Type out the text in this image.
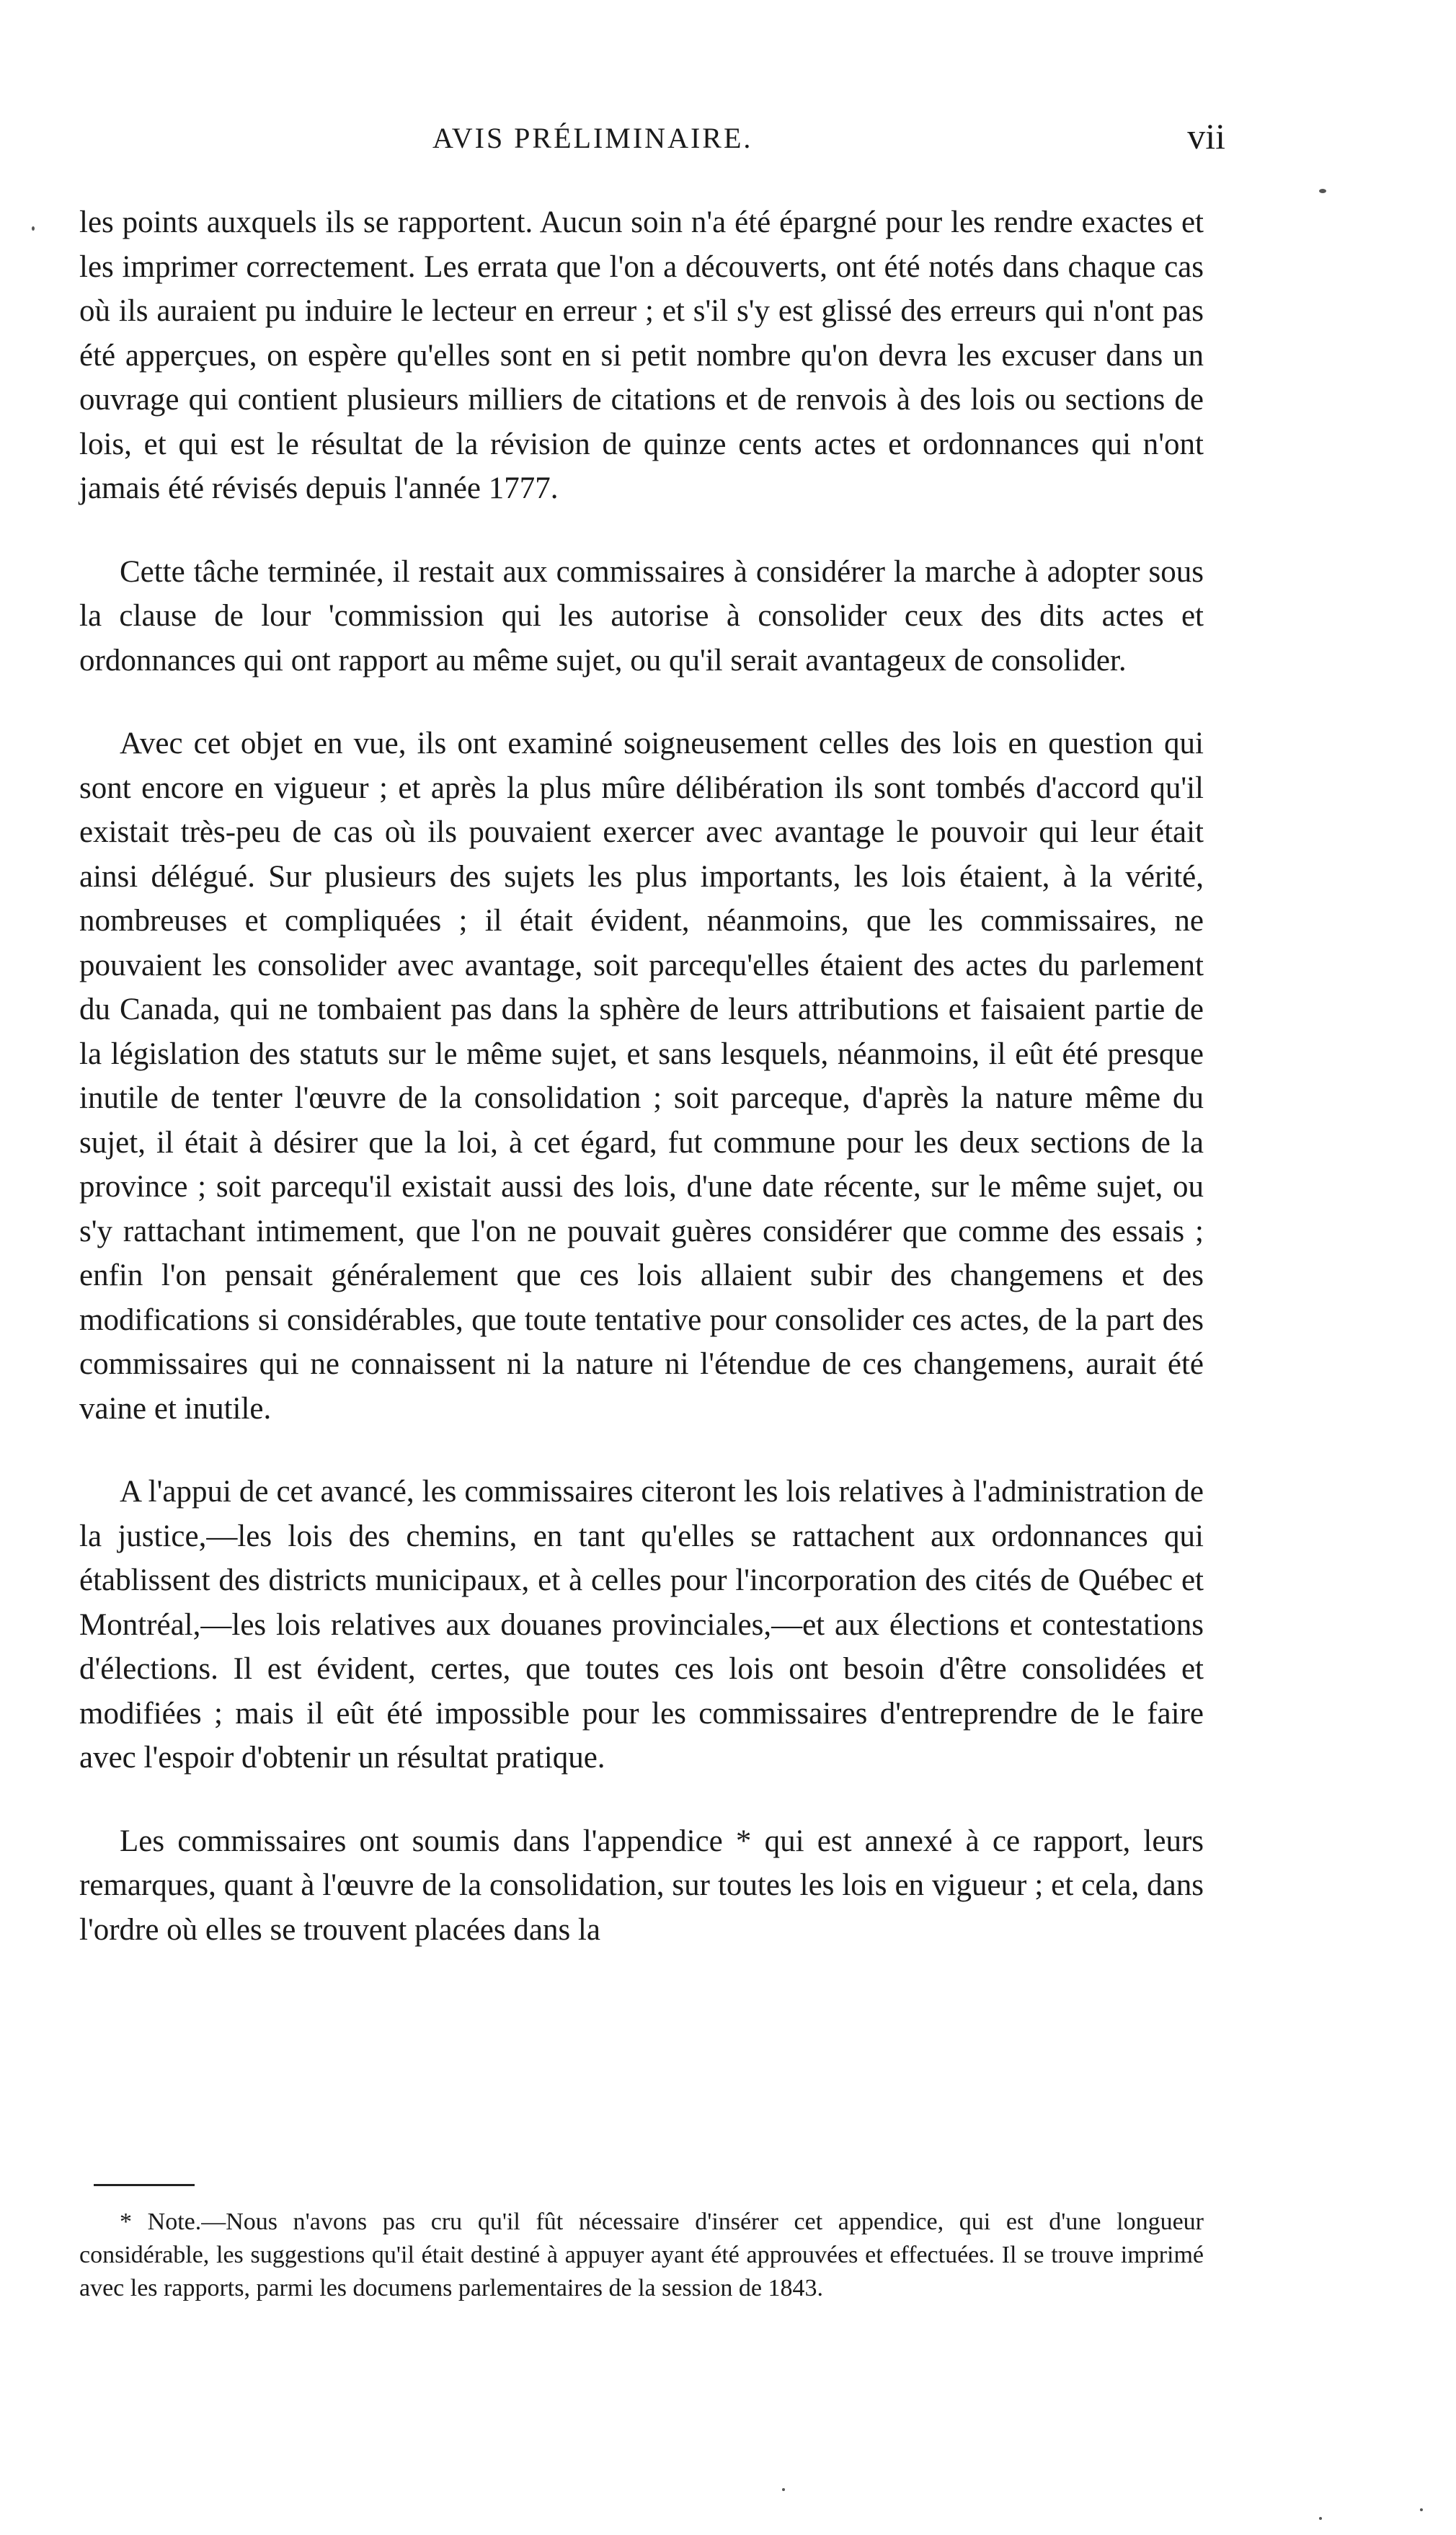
AVIS PRÉLIMINAIRE.	vii

les points auxquels ils se rapportent. Aucun soin n'a été épargné pour les rendre exactes et les imprimer correctement. Les errata que l'on a découverts, ont été notés dans chaque cas où ils auraient pu induire le lecteur en erreur ; et s'il s'y est glissé des erreurs qui n'ont pas été apperçues, on espère qu'elles sont en si petit nombre qu'on devra les excuser dans un ouvrage qui contient plusieurs milliers de citations et de renvois à des lois ou sections de lois, et qui est le résultat de la révision de quinze cents actes et ordonnances qui n'ont jamais été révisés depuis l'année 1777.

Cette tâche terminée, il restait aux commissaires à considérer la marche à adopter sous la clause de lour 'commission qui les autorise à consolider ceux des dits actes et ordonnances qui ont rapport au même sujet, ou qu'il serait avantageux de consolider.

Avec cet objet en vue, ils ont examiné soigneusement celles des lois en question qui sont encore en vigueur ; et après la plus mûre délibération ils sont tombés d'accord qu'il existait très-peu de cas où ils pouvaient exercer avec avantage le pouvoir qui leur était ainsi délégué. Sur plusieurs des sujets les plus importants, les lois étaient, à la vérité, nombreuses et compliquées ; il était évident, néanmoins, que les commissaires, ne pouvaient les consolider avec avantage, soit parcequ'elles étaient des actes du parlement du Canada, qui ne tombaient pas dans la sphère de leurs attributions et faisaient partie de la législation des statuts sur le même sujet, et sans lesquels, néanmoins, il eût été presque inutile de tenter l'œuvre de la consolidation ; soit parceque, d'après la nature même du sujet, il était à désirer que la loi, à cet égard, fut commune pour les deux sections de la province ; soit parcequ'il existait aussi des lois, d'une date récente, sur le même sujet, ou s'y rattachant intimement, que l'on ne pouvait guères considérer que comme des essais ; enfin l'on pensait généralement que ces lois allaient subir des changemens et des modifications si considérables, que toute tentative pour consolider ces actes, de la part des commissaires qui ne connaissent ni la nature ni l'étendue de ces changemens, aurait été vaine et inutile.

A l'appui de cet avancé, les commissaires citeront les lois relatives à l'administration de la justice,—les lois des chemins, en tant qu'elles se rattachent aux ordonnances qui établissent des districts municipaux, et à celles pour l'incorporation des cités de Québec et Montréal,—les lois relatives aux douanes provinciales,—et aux élections et contestations d'élections. Il est évident, certes, que toutes ces lois ont besoin d'être consolidées et modifiées ; mais il eût été impossible pour les commissaires d'entreprendre de le faire avec l'espoir d'obtenir un résultat pratique.

Les commissaires ont soumis dans l'appendice * qui est annexé à ce rapport, leurs remarques, quant à l'œuvre de la consolidation, sur toutes les lois en vigueur ; et cela, dans l'ordre où elles se trouvent placées dans la

* Note.—Nous n'avons pas cru qu'il fût nécessaire d'insérer cet appendice, qui est d'une longueur considérable, les suggestions qu'il était destiné à appuyer ayant été approuvées et effectuées. Il se trouve imprimé avec les rapports, parmi les documens parlementaires de la session de 1843.
